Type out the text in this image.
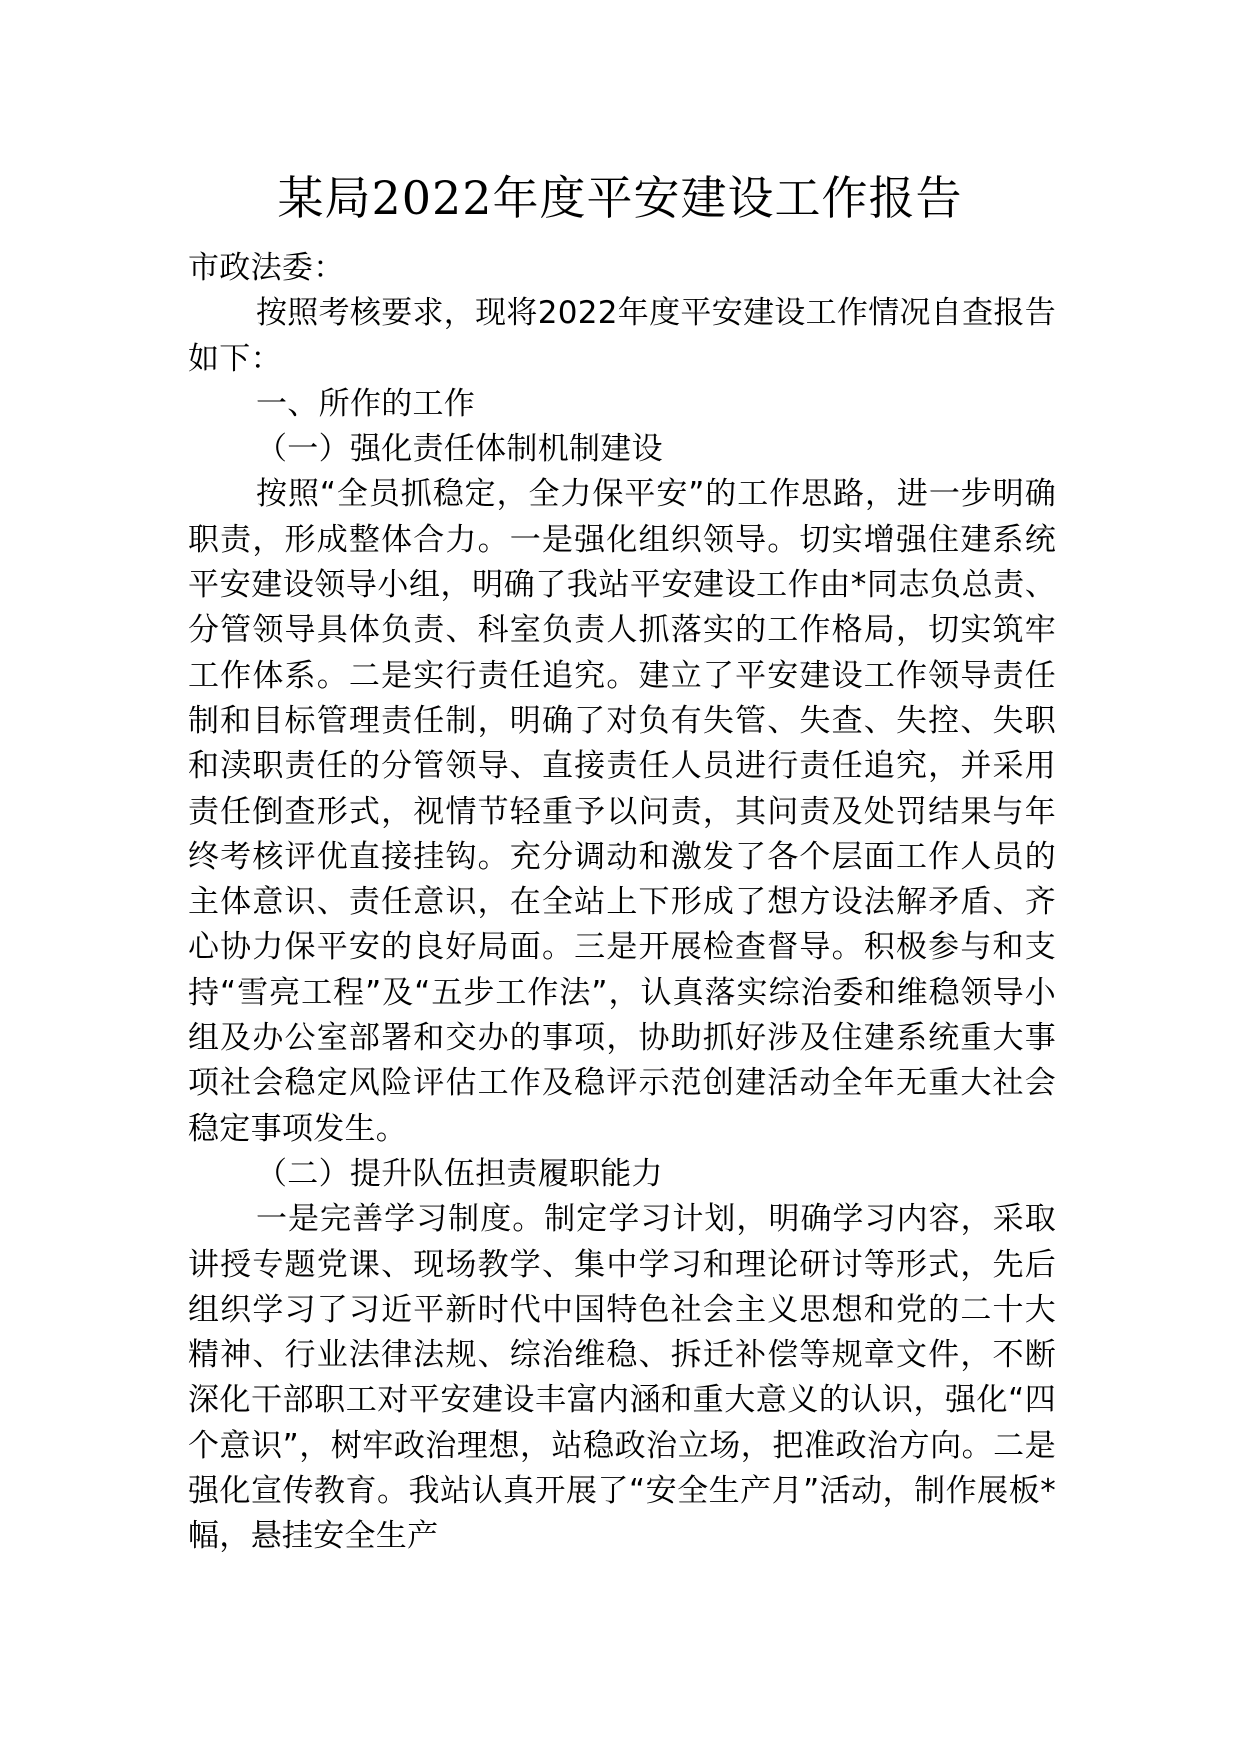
某局2022年度平安建设工作报告

市政法委：

按照考核要求，现将2022年度平安建设工作情况自查报告如下：

一、所作的工作

（一）强化责任体制机制建设

按照“全员抓稳定，全力保平安”的工作思路，进一步明确职责，形成整体合力。一是强化组织领导。切实增强住建系统平安建设领导小组，明确了我站平安建设工作由*同志负总责、分管领导具体负责、科室负责人抓落实的工作格局，切实筑牢工作体系。二是实行责任追究。建立了平安建设工作领导责任制和目标管理责任制，明确了对负有失管、失查、失控、失职和渎职责任的分管领导、直接责任人员进行责任追究，并采用责任倒查形式，视情节轻重予以问责，其问责及处罚结果与年终考核评优直接挂钩。充分调动和激发了各个层面工作人员的主体意识、责任意识，在全站上下形成了想方设法解矛盾、齐心协力保平安的良好局面。三是开展检查督导。积极参与和支持“雪亮工程”及“五步工作法”，认真落实综治委和维稳领导小组及办公室部署和交办的事项，协助抓好涉及住建系统重大事项社会稳定风险评估工作及稳评示范创建活动全年无重大社会稳定事项发生。

（二）提升队伍担责履职能力

一是完善学习制度。制定学习计划，明确学习内容，采取讲授专题党课、现场教学、集中学习和理论研讨等形式，先后组织学习了习近平新时代中国特色社会主义思想和党的二十大精神、行业法律法规、综治维稳、拆迁补偿等规章文件，不断深化干部职工对平安建设丰富内涵和重大意义的认识，强化“四个意识”，树牢政治理想，站稳政治立场，把准政治方向。二是强化宣传教育。我站认真开展了“安全生产月”活动，制作展板*幅，悬挂安全生产
